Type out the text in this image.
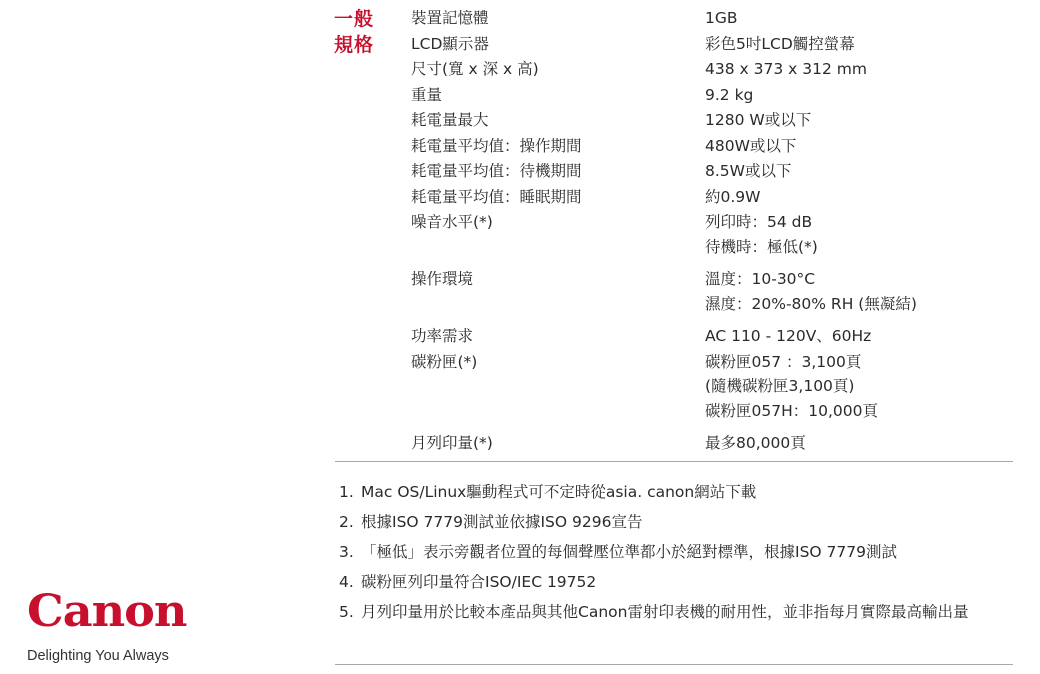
一般
規格
裝置記憶體	1GB
LCD顯示器	彩色5吋LCD觸控螢幕
尺寸(寬 x 深 x 高)	438 x 373 x 312 mm
重量	9.2 kg
耗電量最大	1280 W或以下
耗電量平均值：操作期間	480W或以下
耗電量平均值：待機期間	8.5W或以下
耗電量平均值：睡眠期間	約0.9W
噪音水平(*)	列印時：54 dB
待機時：極低(*)
操作環境	溫度：10-30°C
濕度：20%-80% RH (無凝結)
功率需求	AC 110 - 120V、60Hz
碳粉匣(*)	碳粉匣057 ：3,100頁
(隨機碳粉匣3,100頁)
碳粉匣057H：10,000頁
月列印量(*)	最多80,000頁
1. Mac OS/Linux驅動程式可不定時從asia. canon網站下載
2. 根據ISO 7779測試並依據ISO 9296宣告
3. 「極低」表示旁觀者位置的每個聲壓位準都小於絕對標準，根據ISO 7779測試
4. 碳粉匣列印量符合ISO/IEC 19752
5. 月列印量用於比較本產品與其他Canon雷射印表機的耐用性，並非指每月實際最高輸出量
Canon
Delighting You Always
